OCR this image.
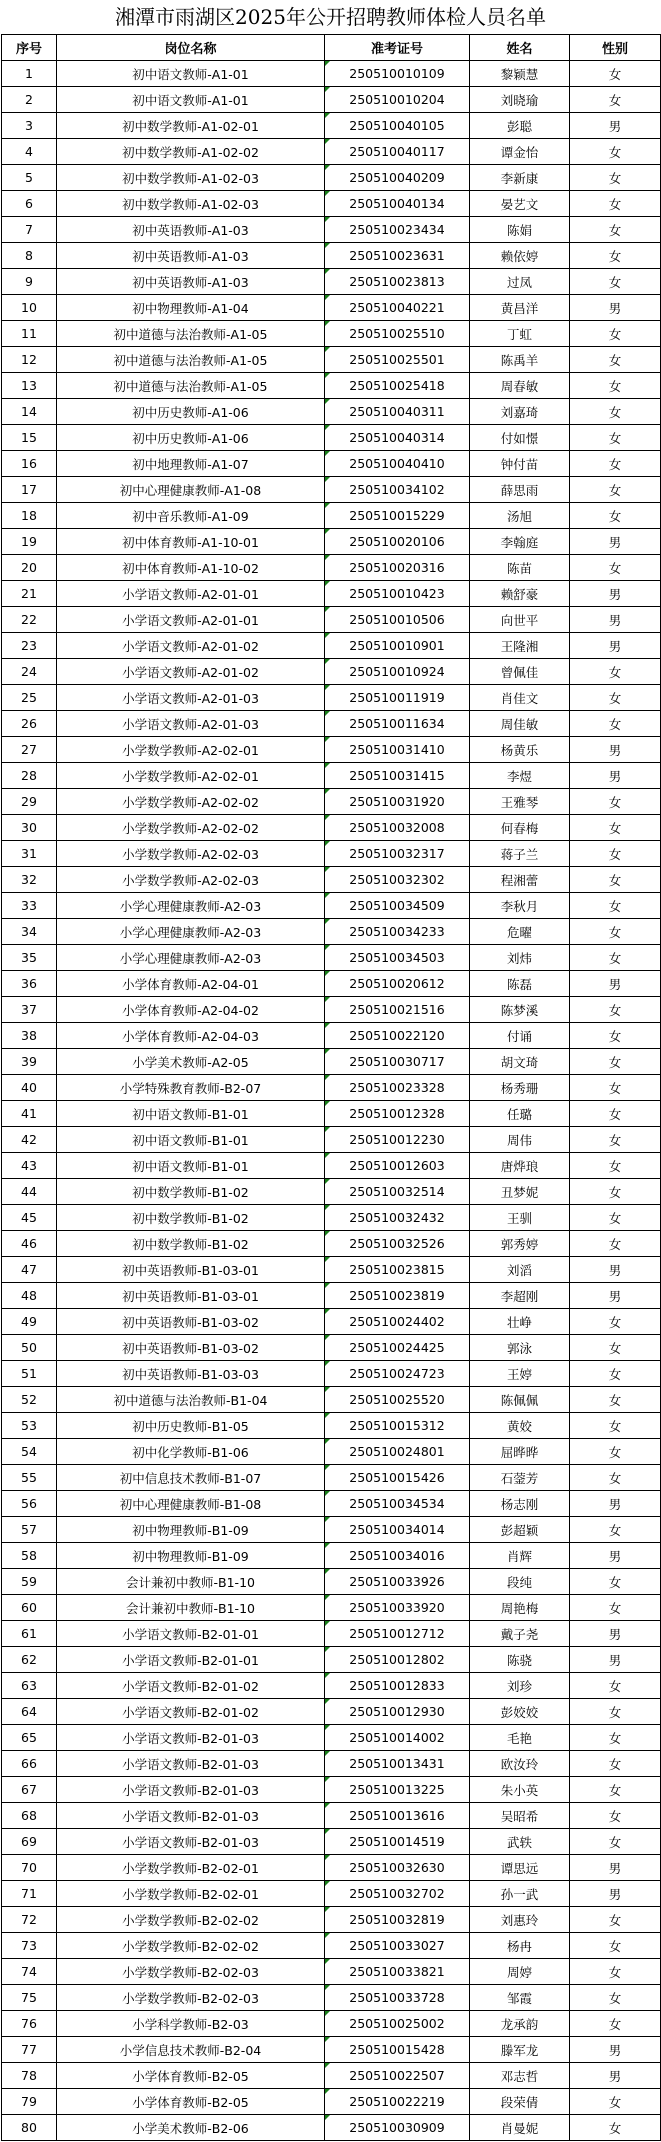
湘潭市雨湖区2025年公开招聘教师体检人员名单
序号	岗位名称	准考证号	姓名	性别
1	初中语文教师-A1-01	250510010109	黎颖慧	女
2	初中语文教师-A1-01	250510010204	刘晓瑜	女
3	初中数学教师-A1-02-01	250510040105	彭聪	男
4	初中数学教师-A1-02-02	250510040117	谭金怡	女
5	初中数学教师-A1-02-03	250510040209	李新康	女
6	初中数学教师-A1-02-03	250510040134	晏艺文	女
7	初中英语教师-A1-03	250510023434	陈娟	女
8	初中英语教师-A1-03	250510023631	赖依婷	女
9	初中英语教师-A1-03	250510023813	过凤	女
10	初中物理教师-A1-04	250510040221	黄昌洋	男
11	初中道德与法治教师-A1-05	250510025510	丁虹	女
12	初中道德与法治教师-A1-05	250510025501	陈禹羊	女
13	初中道德与法治教师-A1-05	250510025418	周春敏	女
14	初中历史教师-A1-06	250510040311	刘嘉琦	女
15	初中历史教师-A1-06	250510040314	付如憬	女
16	初中地理教师-A1-07	250510040410	钟付苗	女
17	初中心理健康教师-A1-08	250510034102	薛思雨	女
18	初中音乐教师-A1-09	250510015229	汤旭	女
19	初中体育教师-A1-10-01	250510020106	李翰庭	男
20	初中体育教师-A1-10-02	250510020316	陈苗	女
21	小学语文教师-A2-01-01	250510010423	赖舒豪	男
22	小学语文教师-A2-01-01	250510010506	向世平	男
23	小学语文教师-A2-01-02	250510010901	王隆湘	男
24	小学语文教师-A2-01-02	250510010924	曾佩佳	女
25	小学语文教师-A2-01-03	250510011919	肖佳文	女
26	小学语文教师-A2-01-03	250510011634	周佳敏	女
27	小学数学教师-A2-02-01	250510031410	杨黄乐	男
28	小学数学教师-A2-02-01	250510031415	李煜	男
29	小学数学教师-A2-02-02	250510031920	王雅琴	女
30	小学数学教师-A2-02-02	250510032008	何春梅	女
31	小学数学教师-A2-02-03	250510032317	蒋子兰	女
32	小学数学教师-A2-02-03	250510032302	程湘蕾	女
33	小学心理健康教师-A2-03	250510034509	李秋月	女
34	小学心理健康教师-A2-03	250510034233	危曜	女
35	小学心理健康教师-A2-03	250510034503	刘炜	女
36	小学体育教师-A2-04-01	250510020612	陈磊	男
37	小学体育教师-A2-04-02	250510021516	陈梦溪	女
38	小学体育教师-A2-04-03	250510022120	付诵	女
39	小学美术教师-A2-05	250510030717	胡文琦	女
40	小学特殊教育教师-B2-07	250510023328	杨秀珊	女
41	初中语文教师-B1-01	250510012328	任璐	女
42	初中语文教师-B1-01	250510012230	周伟	女
43	初中语文教师-B1-01	250510012603	唐烨琅	女
44	初中数学教师-B1-02	250510032514	丑梦妮	女
45	初中数学教师-B1-02	250510032432	王驯	女
46	初中数学教师-B1-02	250510032526	郭秀婷	女
47	初中英语教师-B1-03-01	250510023815	刘滔	男
48	初中英语教师-B1-03-01	250510023819	李超刚	男
49	初中英语教师-B1-03-02	250510024402	壮峥	女
50	初中英语教师-B1-03-02	250510024425	郭泳	女
51	初中英语教师-B1-03-03	250510024723	王婷	女
52	初中道德与法治教师-B1-04	250510025520	陈佩佩	女
53	初中历史教师-B1-05	250510015312	黄姣	女
54	初中化学教师-B1-06	250510024801	屈晔晔	女
55	初中信息技术教师-B1-07	250510015426	石蓥芳	女
56	初中心理健康教师-B1-08	250510034534	杨志刚	男
57	初中物理教师-B1-09	250510034014	彭超颖	女
58	初中物理教师-B1-09	250510034016	肖辉	男
59	会计兼初中教师-B1-10	250510033926	段纯	女
60	会计兼初中教师-B1-10	250510033920	周艳梅	女
61	小学语文教师-B2-01-01	250510012712	戴子尧	男
62	小学语文教师-B2-01-01	250510012802	陈骁	男
63	小学语文教师-B2-01-02	250510012833	刘珍	女
64	小学语文教师-B2-01-02	250510012930	彭姣姣	女
65	小学语文教师-B2-01-03	250510014002	毛艳	女
66	小学语文教师-B2-01-03	250510013431	欧汝玲	女
67	小学语文教师-B2-01-03	250510013225	朱小英	女
68	小学语文教师-B2-01-03	250510013616	吴昭希	女
69	小学语文教师-B2-01-03	250510014519	武轶	女
70	小学数学教师-B2-02-01	250510032630	谭思远	男
71	小学数学教师-B2-02-01	250510032702	孙一武	男
72	小学数学教师-B2-02-02	250510032819	刘惠玲	女
73	小学数学教师-B2-02-02	250510033027	杨冉	女
74	小学数学教师-B2-02-03	250510033821	周婷	女
75	小学数学教师-B2-02-03	250510033728	邹霞	女
76	小学科学教师-B2-03	250510025002	龙承韵	女
77	小学信息技术教师-B2-04	250510015428	滕军龙	男
78	小学体育教师-B2-05	250510022507	邓志哲	男
79	小学体育教师-B2-05	250510022219	段荣倩	女
80	小学美术教师-B2-06	250510030909	肖曼妮	女
